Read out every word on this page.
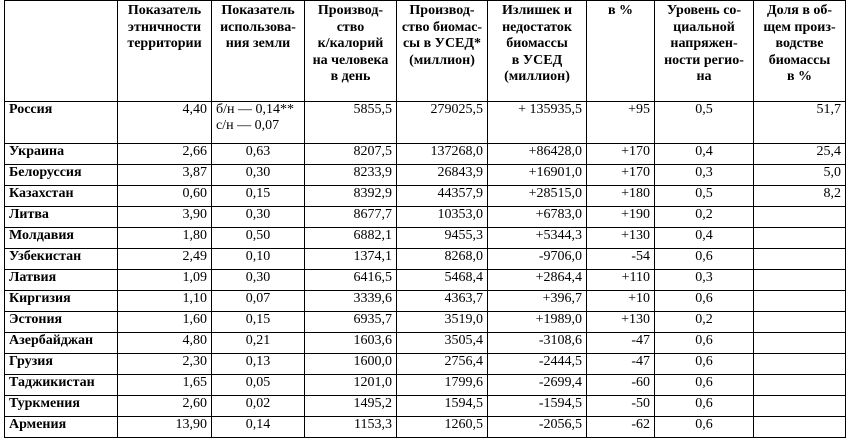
	Показатель
этничности
территории	Показатель
использова-
ния земли	Производ-
ство
к/калорий
на человека
в день	Производ-
ство биомас-
сы в УСЕД*
(миллион)	Излишек и
недостаток
биомассы
в УСЕД
(миллион)	в %	Уровень со-
циальной
напряжен-
ности регио-
на	Доля в об-
щем произ-
водстве
биомассы
в %

Россия	4,40	б/н — 0,14**
с/н — 0,07	5855,5	279025,5	+ 135935,5	+95	0,5	51,7
Украина	2,66	0,63	8207,5	137268,0	+86428,0	+170	0,4	25,4
Белоруссия	3,87	0,30	8233,9	26843,9	+16901,0	+170	0,3	5,0
Казахстан	0,60	0,15	8392,9	44357,9	+28515,0	+180	0,5	8,2
Литва	3,90	0,30	8677,7	10353,0	+6783,0	+190	0,2	
Молдавия	1,80	0,50	6882,1	9455,3	+5344,3	+130	0,4	
Узбекистан	2,49	0,10	1374,1	8268,0	-9706,0	-54	0,6	
Латвия	1,09	0,30	6416,5	5468,4	+2864,4	+110	0,3	
Киргизия	1,10	0,07	3339,6	4363,7	+396,7	+10	0,6	
Эстония	1,60	0,15	6935,7	3519,0	+1989,0	+130	0,2	
Азербайджан	4,80	0,21	1603,6	3505,4	-3108,6	-47	0,6	
Грузия	2,30	0,13	1600,0	2756,4	-2444,5	-47	0,6	
Таджикистан	1,65	0,05	1201,0	1799,6	-2699,4	-60	0,6	
Туркмения	2,60	0,02	1495,2	1594,5	-1594,5	-50	0,6	
Армения	13,90	0,14	1153,3	1260,5	-2056,5	-62	0,6	
